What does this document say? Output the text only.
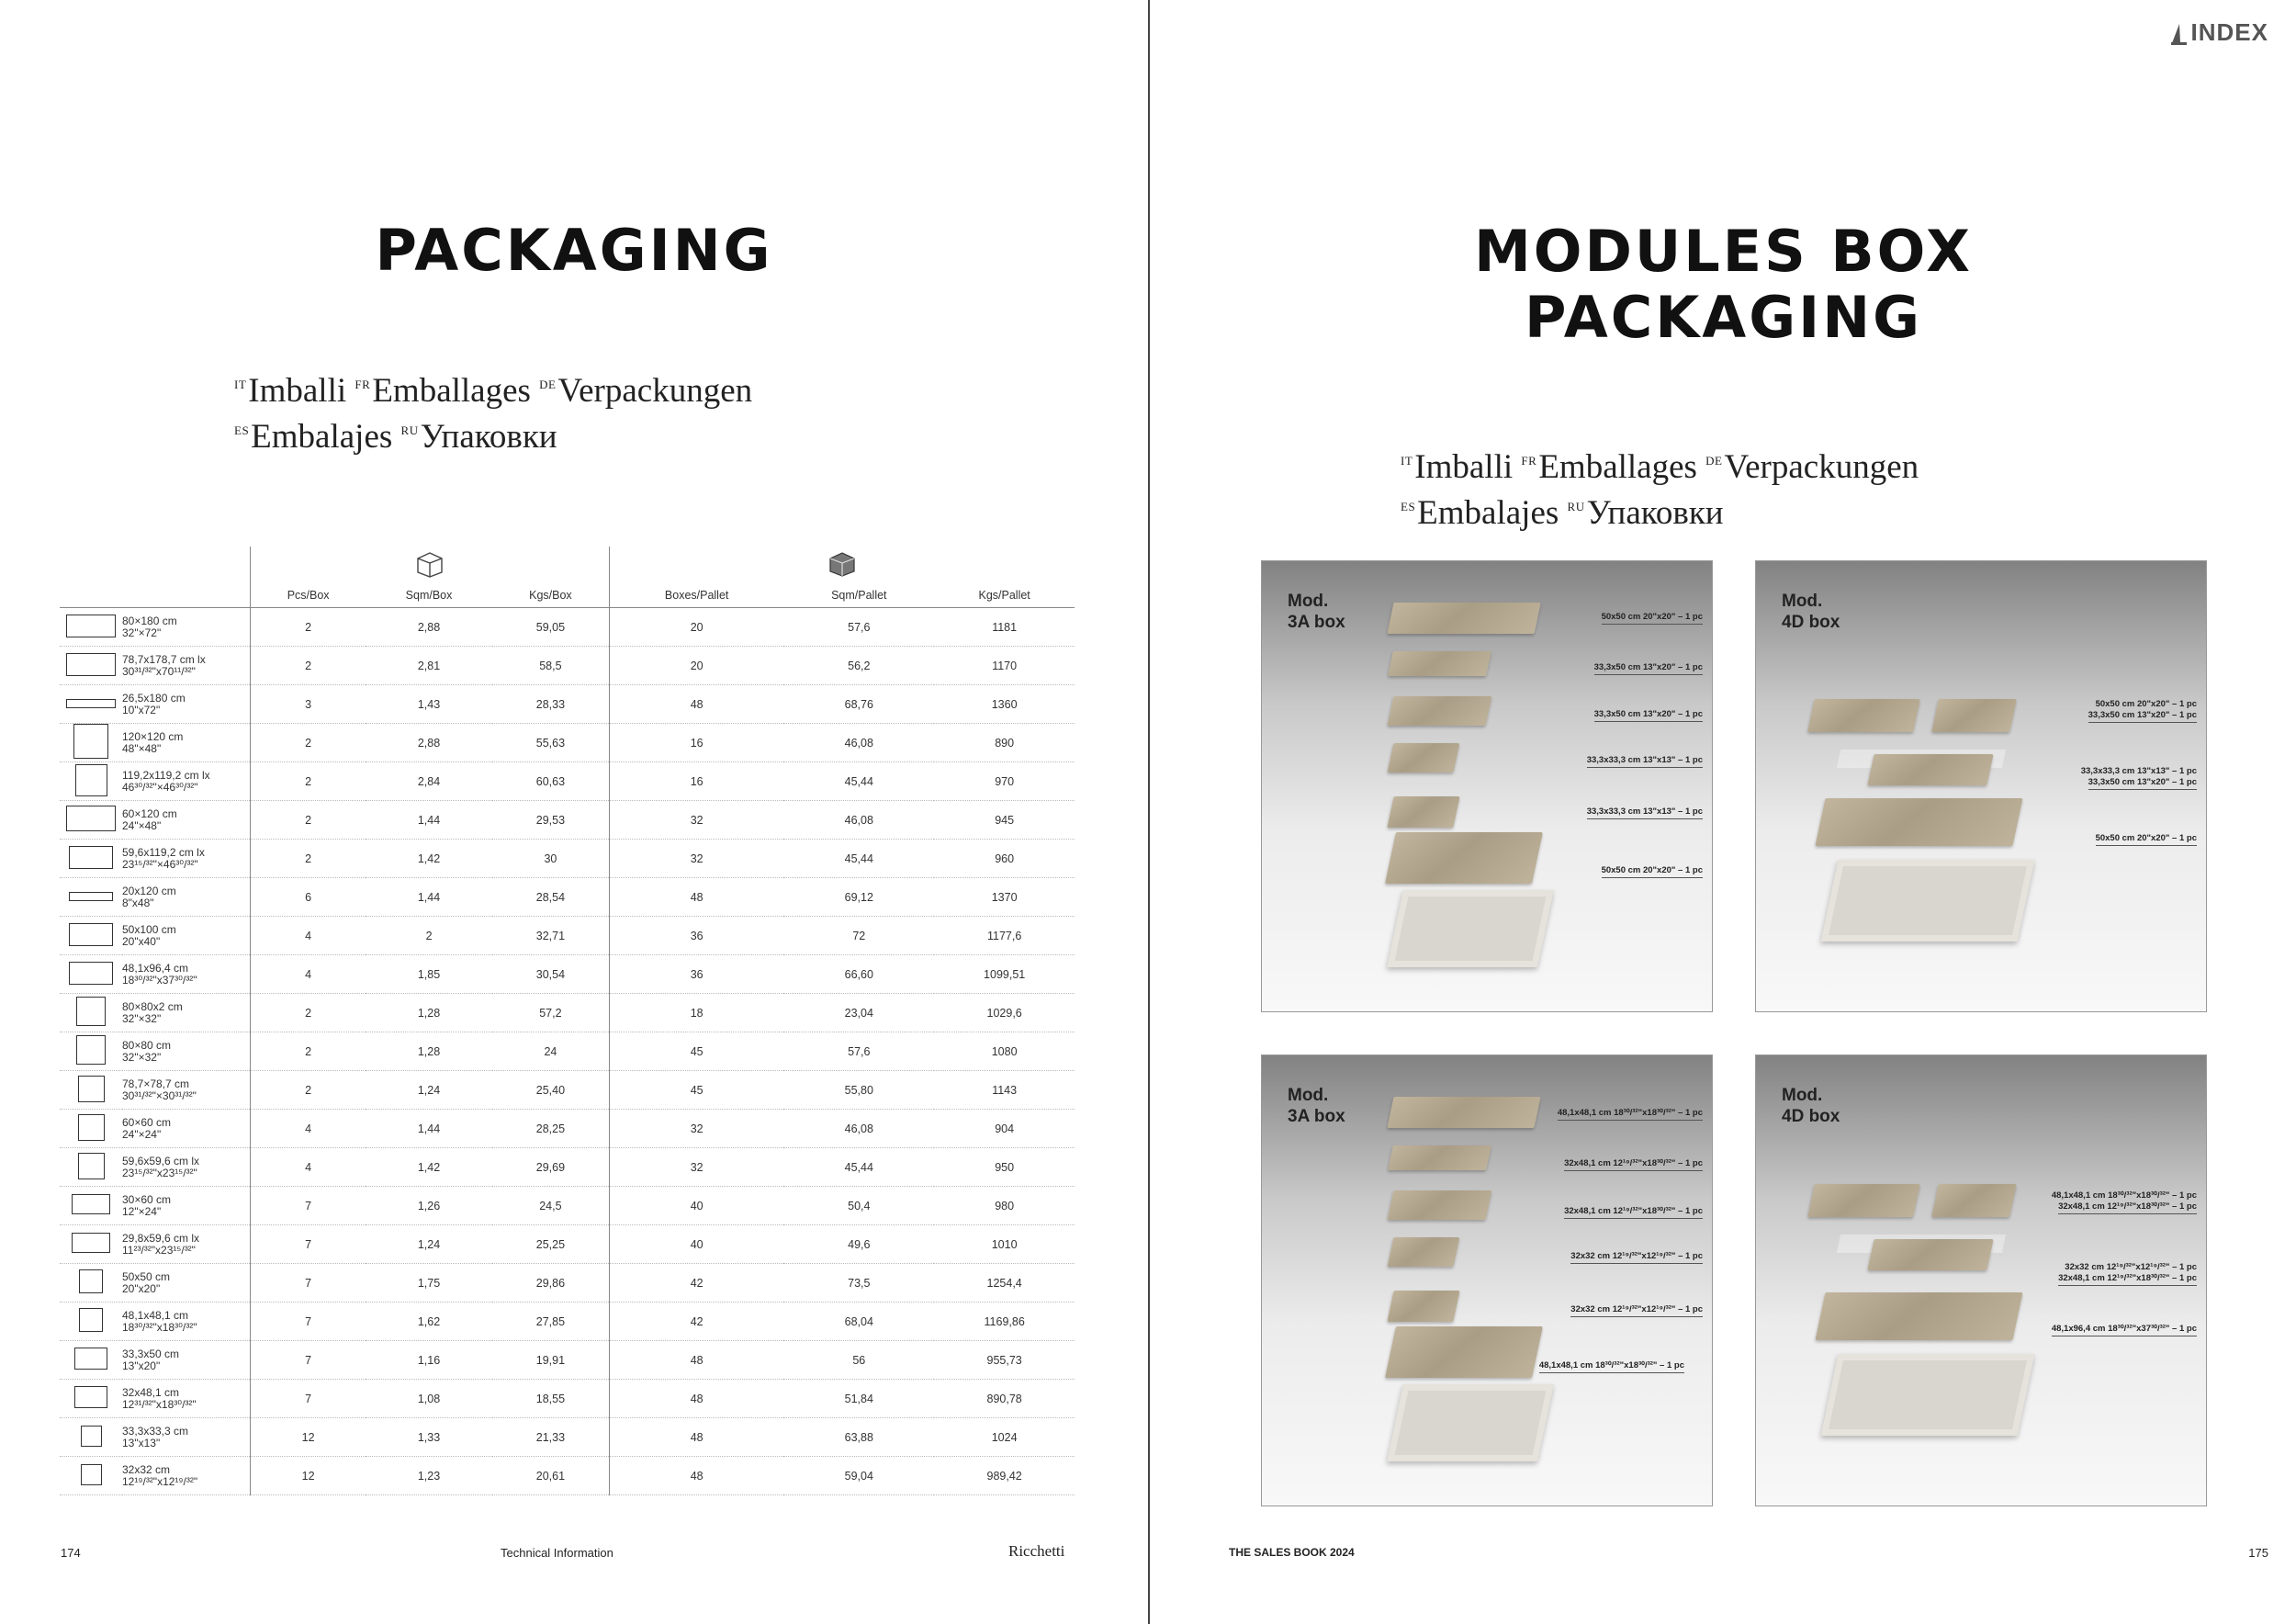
PACKAGING
$^{IT}$Imballi $^{FR}$Emballages $^{DE}$Verpackungen
$^{ES}$Embalajes $^{RU}$Упаковки

		Pcs/Box	Sqm/Box	Kgs/Box	Boxes/Pallet	Sqm/Pallet	Kgs/Pallet

	80×180 cm
32"×72"	2	2,88	59,05	20	57,6	1181

	78,7x178,7 cm lx
30³¹/³²"x70¹¹/³²"	2	2,81	58,5	20	56,2	1170

	26,5x180 cm
10"x72"	3	1,43	28,33	48	68,76	1360

	120×120 cm
48"×48"	2	2,88	55,63	16	46,08	890

	119,2x119,2 cm lx
46³⁰/³²"×46³⁰/³²"	2	2,84	60,63	16	45,44	970

	60×120 cm
24"×48"	2	1,44	29,53	32	46,08	945

	59,6x119,2 cm lx
23¹⁵/³²"×46³⁰/³²"	2	1,42	30	32	45,44	960

	20x120 cm
8"x48"	6	1,44	28,54	48	69,12	1370

	50x100 cm
20"x40"	4	2	32,71	36	72	1177,6

	48,1x96,4 cm
18³⁰/³²"x37³⁰/³²"	4	1,85	30,54	36	66,60	1099,51

	80×80x2 cm
32"×32"	2	1,28	57,2	18	23,04	1029,6

	80×80 cm
32"×32"	2	1,28	24	45	57,6	1080

	78,7×78,7 cm
30³¹/³²"×30³¹/³²"	2	1,24	25,40	45	55,80	1143

	60×60 cm
24"×24"	4	1,44	28,25	32	46,08	904

	59,6x59,6 cm lx
23¹⁵/³²"x23¹⁵/³²"	4	1,42	29,69	32	45,44	950

	30×60 cm
12"×24"	7	1,26	24,5	40	50,4	980

	29,8x59,6 cm lx
11²³/³²"x23¹⁵/³²"	7	1,24	25,25	40	49,6	1010

	50x50 cm
20"x20"	7	1,75	29,86	42	73,5	1254,4

	48,1x48,1 cm
18³⁰/³²"x18³⁰/³²"	7	1,62	27,85	42	68,04	1169,86

	33,3x50 cm
13"x20"	7	1,16	19,91	48	56	955,73

	32x48,1 cm
12³¹/³²"x18³⁰/³²"	7	1,08	18,55	48	51,84	890,78

	33,3x33,3 cm
13"x13"	12	1,33	21,33	48	63,88	1024

	32x32 cm
12¹⁹/³²"x12¹⁹/³²"	12	1,23	20,61	48	59,04	989,42
174	Technical Information	Ricchetti
INDEX
MODULES BOX
PACKAGING
$^{IT}$Imballi $^{FR}$Emballages $^{DE}$Verpackungen
$^{ES}$Embalajes $^{RU}$Упаковки
Mod.
3A box	50x50 cm 20"x20" – 1 pc
33,3x50 cm 13"x20" – 1 pc
33,3x50 cm 13"x20" – 1 pc
33,3x33,3 cm 13"x13" – 1 pc
33,3x33,3 cm 13"x13" – 1 pc
50x50 cm 20"x20" – 1 pc
Mod.
4D box
50x50 cm 20"x20" – 1 pc
33,3x50 cm 13"x20" – 1 pc
33,3x33,3 cm 13"x13" – 1 pc
33,3x50 cm 13"x20" – 1 pc
50x50 cm 20"x20" – 1 pc
Mod.
3A box	48,1x48,1 cm 18³⁰/³²"x18³⁰/³²" – 1 pc
32x48,1 cm 12¹⁹/³²"x18³⁰/³²" – 1 pc
32x48,1 cm 12¹⁹/³²"x18³⁰/³²" – 1 pc
32x32 cm 12¹⁹/³²"x12¹⁹/³²" – 1 pc
32x32 cm 12¹⁹/³²"x12¹⁹/³²" – 1 pc
48,1x48,1 cm 18³⁰/³²"x18³⁰/³²" – 1 pc
Mod.
4D box
48,1x48,1 cm 18³⁰/³²"x18³⁰/³²" – 1 pc
32x48,1 cm 12¹⁹/³²"x18³⁰/³²" – 1 pc
32x32 cm 12¹⁹/³²"x12¹⁹/³²" – 1 pc
32x48,1 cm 12¹⁹/³²"x18³⁰/³²" – 1 pc
48,1x96,4 cm 18³⁰/³²"x37³⁰/³²" – 1 pc
THE SALES BOOK 2024	175
